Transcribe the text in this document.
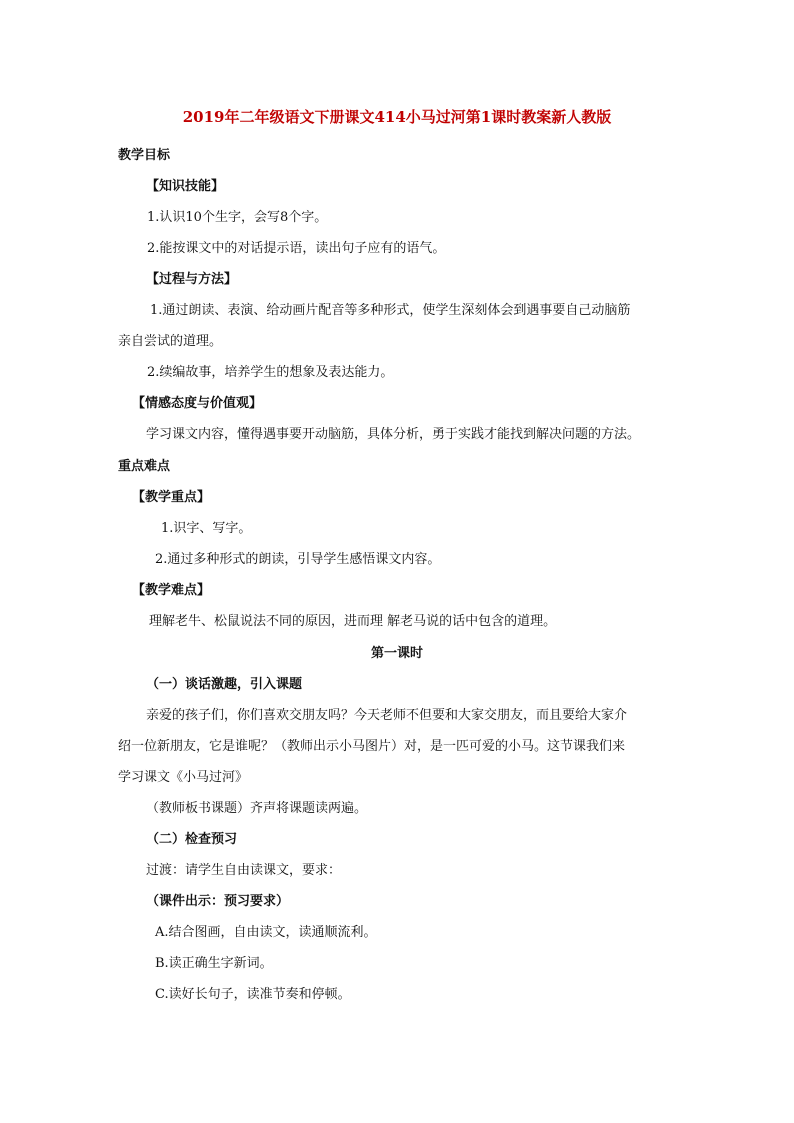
2019年二年级语文下册课文414小马过河第1课时教案新人教版
教学目标
【知识技能】
1.认识10个生字，会写8个字。
2.能按课文中的对话提示语，读出句子应有的语气。
【过程与方法】
1.通过朗读、表演、给动画片配音等多种形式，使学生深刻体会到遇事要自己动脑筋
亲自尝试的道理。
2.续编故事，培养学生的想象及表达能力。
【情感态度与价值观】
学习课文内容，懂得遇事要开动脑筋，具体分析，勇于实践才能找到解决问题的方法。
重点难点
【教学重点】
1.识字、写字。
2.通过多种形式的朗读，引导学生感悟课文内容。
【教学难点】
理解老牛、松鼠说法不同的原因，进而理 解老马说的话中包含的道理。
第一课时
（一）谈话激趣，引入课题
亲爱的孩子们，你们喜欢交朋友吗？今天老师不但要和大家交朋友，而且要给大家介
绍一位新朋友，它是谁呢？（教师出示小马图片）对，是一匹可爱的小马。这节课我们来
学习课文《小马过河》
（教师板书课题）齐声将课题读两遍。
（二）检查预习
过渡：请学生自由读课文，要求：
（课件出示：预习要求）
A.结合图画，自由读文，读通顺流利。
B.读正确生字新词。
C.读好长句子，读准节奏和停顿。
